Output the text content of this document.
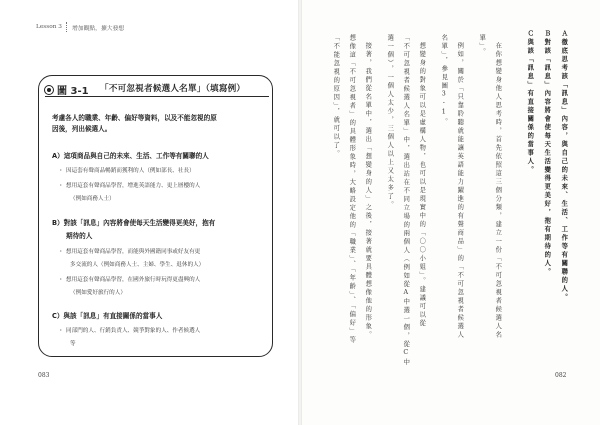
Lesson 3 增加觀點，擴大發想
圖 3-1 「不可忽視者候選人名單」（填寫例）
考慮各人的職業、年齡、偏好等資料，以及不能忽視的原
因後，列出候選人。
A）這項商品與自己的未來、生活、工作等有關聯的人
・ 因這套有聲商品暢銷而獲利的人（例如部長、社長）
・ 想用這套有聲商品學習，增進英語能力、更上層樓的人
（例如商務人士）
B）對該「訊息」內容將會使每天生活變得更美好，抱有
期待的人
・ 想用這套有聲商品學習，而能與外國籍同事或好友有更
多交流的人（例如商務人士、主婦、學生、退休的人）
・ 想用這套有聲商品學習，在國外旅行時玩得更盡興的人
（例如愛好旅行的人）
C）與該「訊息」有直接關係的當事人
・ 同部門的人、行銷負責人、競爭對象的人、作者候選人
等
083	082
Ａ徹底思考該「訊息」內容，與自己的未來、生活、工作等有關聯的人。
Ｂ對該「訊息」內容將會使每天生活變得更美好，抱有期待的人。
Ｃ與該「訊息」有直接關係的當事人。
在你想變身他人思考時，首先依照這三個分類，建立一份「不可忽視者候選人名
單」。
例如，關於「只靠聆聽就能讓英語能力躍進的有聲商品」的「不可忽視者候選人
名單」，參見圖3-1。
想變身的對象可以是虛構人物，也可以是現實中的「〇〇小姐」。建議可以從
「不可忽視者候選人名單」中，選出站在不同立場的兩個人（例如從A中選一個，從C中
選一個），一個人太少，三個人以上又太多了。
接著，我們從名單中，選出「想變身的人」之後，接著就要具體想像他的形象。
想像這「不可忽視者」的具體形象時，大略設定他的「職業」、「年齡」、「偏好」等
「不能忽視的原因」，就可以了。
